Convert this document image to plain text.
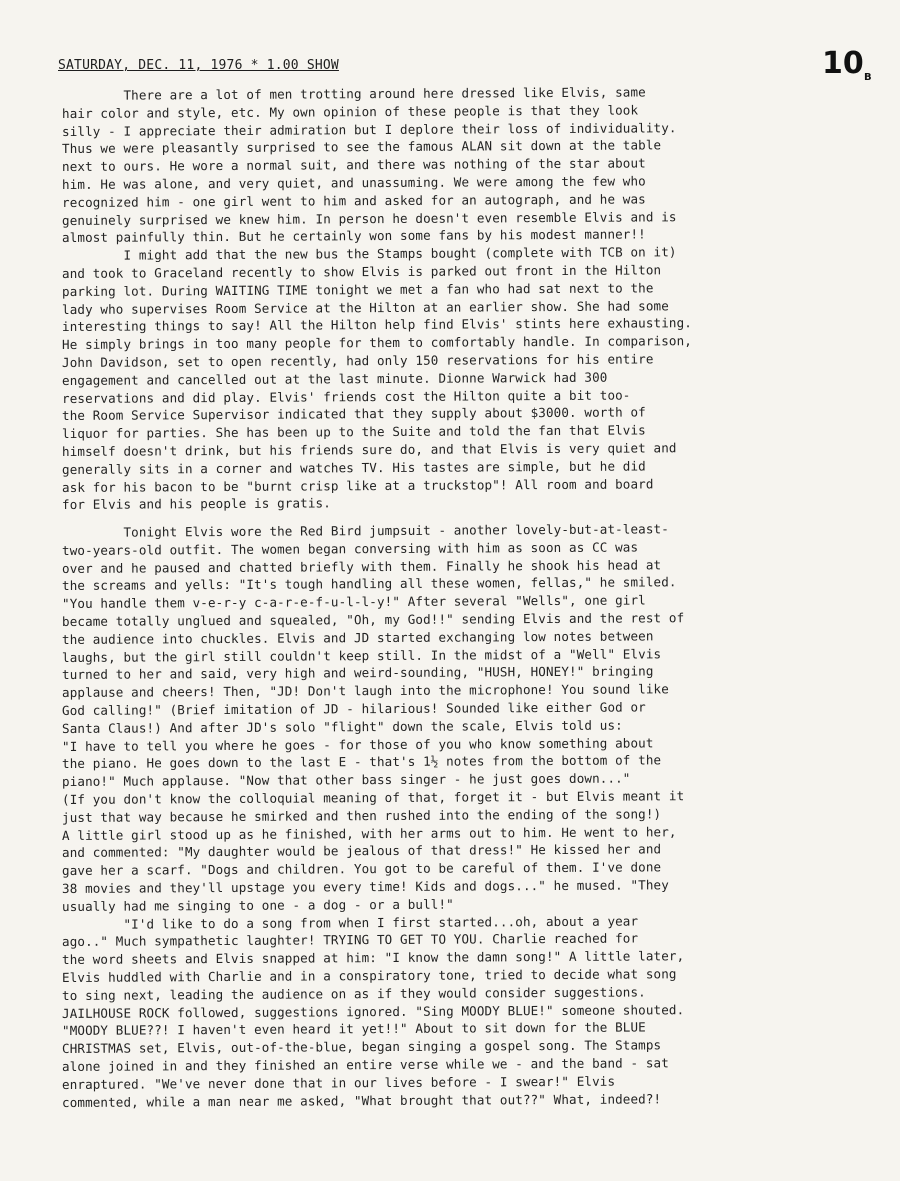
SATURDAY, DEC. 11, 1976 * 1.00 SHOW	10 B
There are a lot of men trotting around here dressed like Elvis, same
hair color and style, etc. My own opinion of these people is that they look
silly - I appreciate their admiration but I deplore their loss of individuality.
Thus we were pleasantly surprised to see the famous ALAN sit down at the table
next to ours. He wore a normal suit, and there was nothing of the star about
him. He was alone, and very quiet, and unassuming. We were among the few who
recognized him - one girl went to him and asked for an autograph, and he was
genuinely surprised we knew him. In person he doesn't even resemble Elvis and is
almost painfully thin. But he certainly won some fans by his modest manner!!
I might add that the new bus the Stamps bought (complete with TCB on it)
and took to Graceland recently to show Elvis is parked out front in the Hilton
parking lot. During WAITING TIME tonight we met a fan who had sat next to the
lady who supervises Room Service at the Hilton at an earlier show. She had some
interesting things to say! All the Hilton help find Elvis' stints here exhausting.
He simply brings in too many people for them to comfortably handle. In comparison,
John Davidson, set to open recently, had only 150 reservations for his entire
engagement and cancelled out at the last minute. Dionne Warwick had 300
reservations and did play. Elvis' friends cost the Hilton quite a bit too-
the Room Service Supervisor indicated that they supply about $3000. worth of
liquor for parties. She has been up to the Suite and told the fan that Elvis
himself doesn't drink, but his friends sure do, and that Elvis is very quiet and
generally sits in a corner and watches TV. His tastes are simple, but he did
ask for his bacon to be "burnt crisp like at a truckstop"! All room and board
for Elvis and his people is gratis.
Tonight Elvis wore the Red Bird jumpsuit - another lovely-but-at-least-
two-years-old outfit. The women began conversing with him as soon as CC was
over and he paused and chatted briefly with them. Finally he shook his head at
the screams and yells: "It's tough handling all these women, fellas," he smiled.
"You handle them v-e-r-y c-a-r-e-f-u-l-l-y!" After several "Wells", one girl
became totally unglued and squealed, "Oh, my God!!" sending Elvis and the rest of
the audience into chuckles. Elvis and JD started exchanging low notes between
laughs, but the girl still couldn't keep still. In the midst of a "Well" Elvis
turned to her and said, very high and weird-sounding, "HUSH, HONEY!" bringing
applause and cheers! Then, "JD! Don't laugh into the microphone! You sound like
God calling!" (Brief imitation of JD - hilarious! Sounded like either God or
Santa Claus!) And after JD's solo "flight" down the scale, Elvis told us:
"I have to tell you where he goes - for those of you who know something about
the piano. He goes down to the last E - that's 1½ notes from the bottom of the
piano!" Much applause. "Now that other bass singer - he just goes down..."
(If you don't know the colloquial meaning of that, forget it - but Elvis meant it
just that way because he smirked and then rushed into the ending of the song!)
A little girl stood up as he finished, with her arms out to him. He went to her,
and commented: "My daughter would be jealous of that dress!" He kissed her and
gave her a scarf. "Dogs and children. You got to be careful of them. I've done
38 movies and they'll upstage you every time! Kids and dogs..." he mused. "They
usually had me singing to one - a dog - or a bull!"
"I'd like to do a song from when I first started...oh, about a year
ago.." Much sympathetic laughter! TRYING TO GET TO YOU. Charlie reached for
the word sheets and Elvis snapped at him: "I know the damn song!" A little later,
Elvis huddled with Charlie and in a conspiratory tone, tried to decide what song
to sing next, leading the audience on as if they would consider suggestions.
JAILHOUSE ROCK followed, suggestions ignored. "Sing MOODY BLUE!" someone shouted.
"MOODY BLUE??! I haven't even heard it yet!!" About to sit down for the BLUE
CHRISTMAS set, Elvis, out-of-the-blue, began singing a gospel song. The Stamps
alone joined in and they finished an entire verse while we - and the band - sat
enraptured. "We've never done that in our lives before - I swear!" Elvis
commented, while a man near me asked, "What brought that out??" What, indeed?!
